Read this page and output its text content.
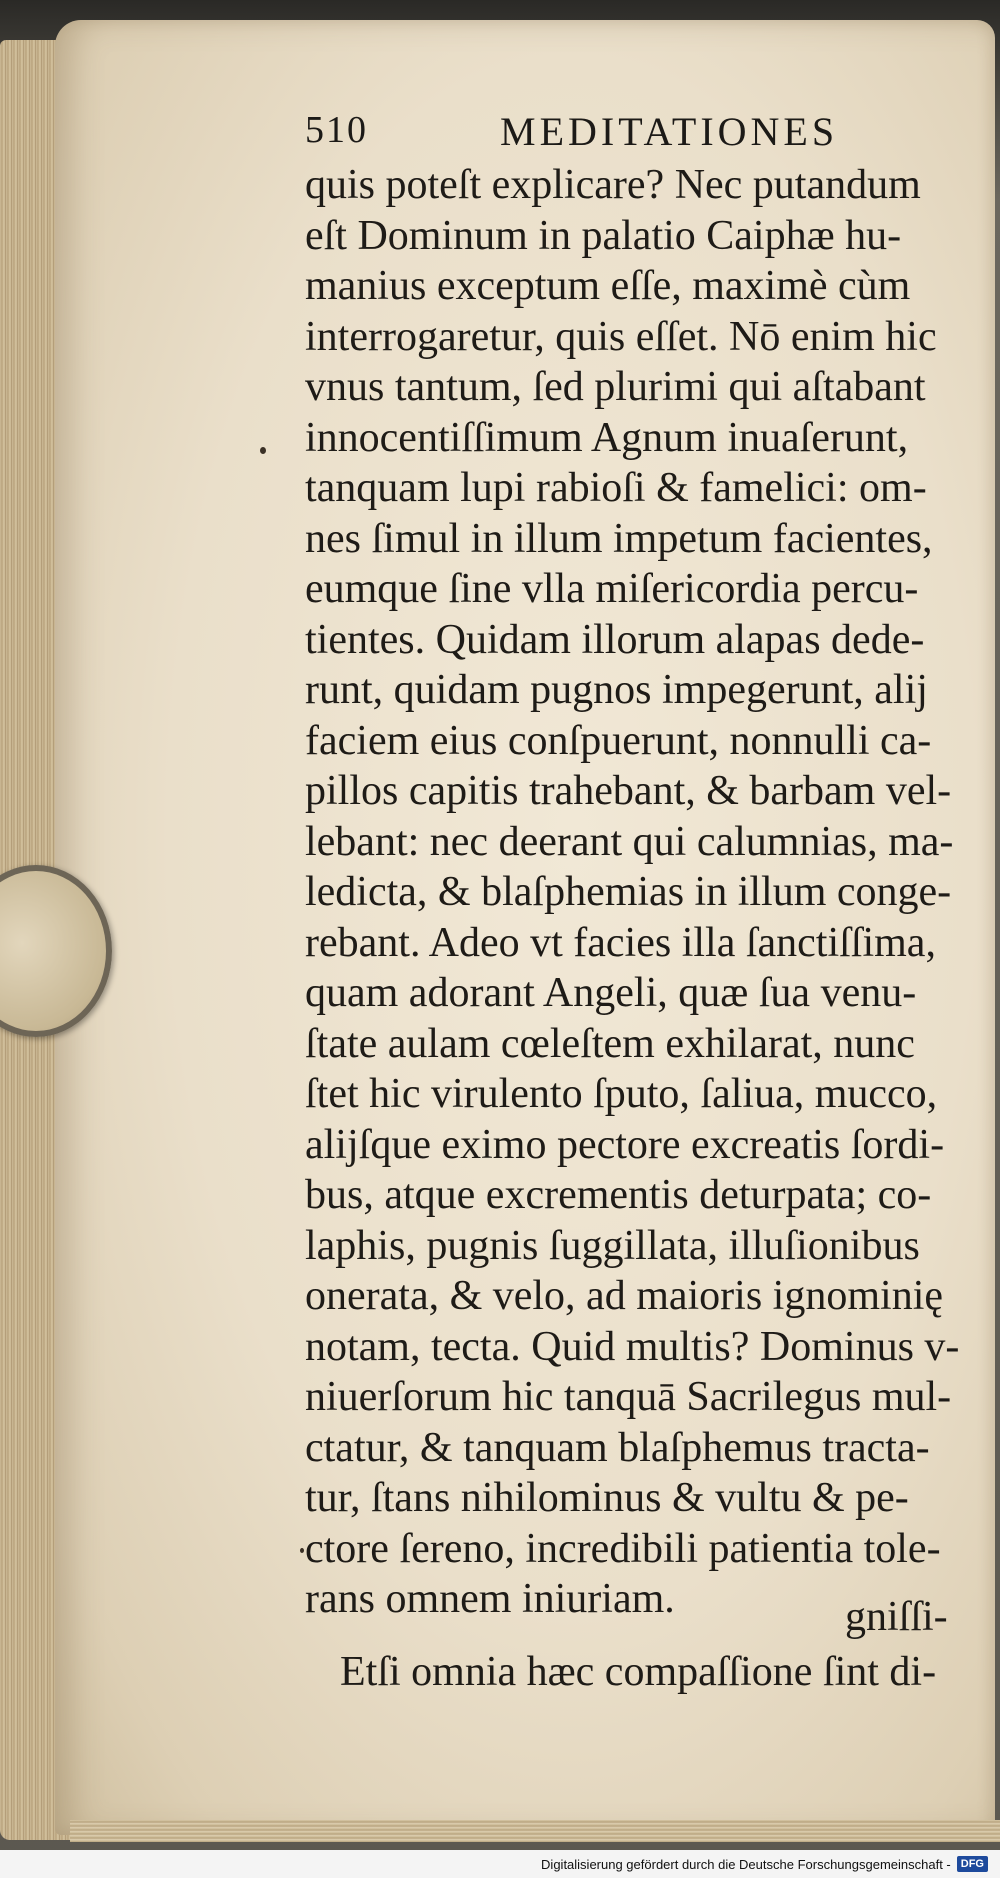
510	MEDITATIONES
quis poteſt explicare? Nec putandum
eſt Dominum in palatio Caiphæ hu-
manius exceptum eſſe, maximè cùm
interrogaretur, quis eſſet. Nō enim hic
vnus tantum, ſed plurimi qui aſtabant
innocentiſſimum Agnum inuaſerunt,
tanquam lupi rabioſi & famelici: om-
nes ſimul in illum impetum facientes,
eumque ſine vlla miſericordia percu-
tientes. Quidam illorum alapas dede-
runt, quidam pugnos impegerunt, alij
faciem eius conſpuerunt, nonnulli ca-
pillos capitis trahebant, & barbam vel-
lebant: nec deerant qui calumnias, ma-
ledicta, & blaſphemias in illum conge-
rebant. Adeo vt facies illa ſanctiſſima,
quam adorant Angeli, quæ ſua venu-
ſtate aulam cœleſtem exhilarat, nunc
ſtet hic virulento ſputo, ſaliua, mucco,
alijſque eximo pectore excreatis ſordi-
bus, atque excrementis deturpata; co-
laphis, pugnis ſuggillata, illuſionibus
onerata, & velo, ad maioris ignominię
notam, tecta. Quid multis? Dominus v-
niuerſorum hic tanquā Sacrilegus mul-
ctatur, & tanquam blaſphemus tracta-
tur, ſtans nihilominus & vultu & pe-
ctore ſereno, incredibili patientia tole-
rans omnem iniuriam.
Etſi omnia hæc compaſſione ſint di-
gniſſi-
Digitalisierung gefördert durch die Deutsche Forschungsgemeinschaft - DFG
